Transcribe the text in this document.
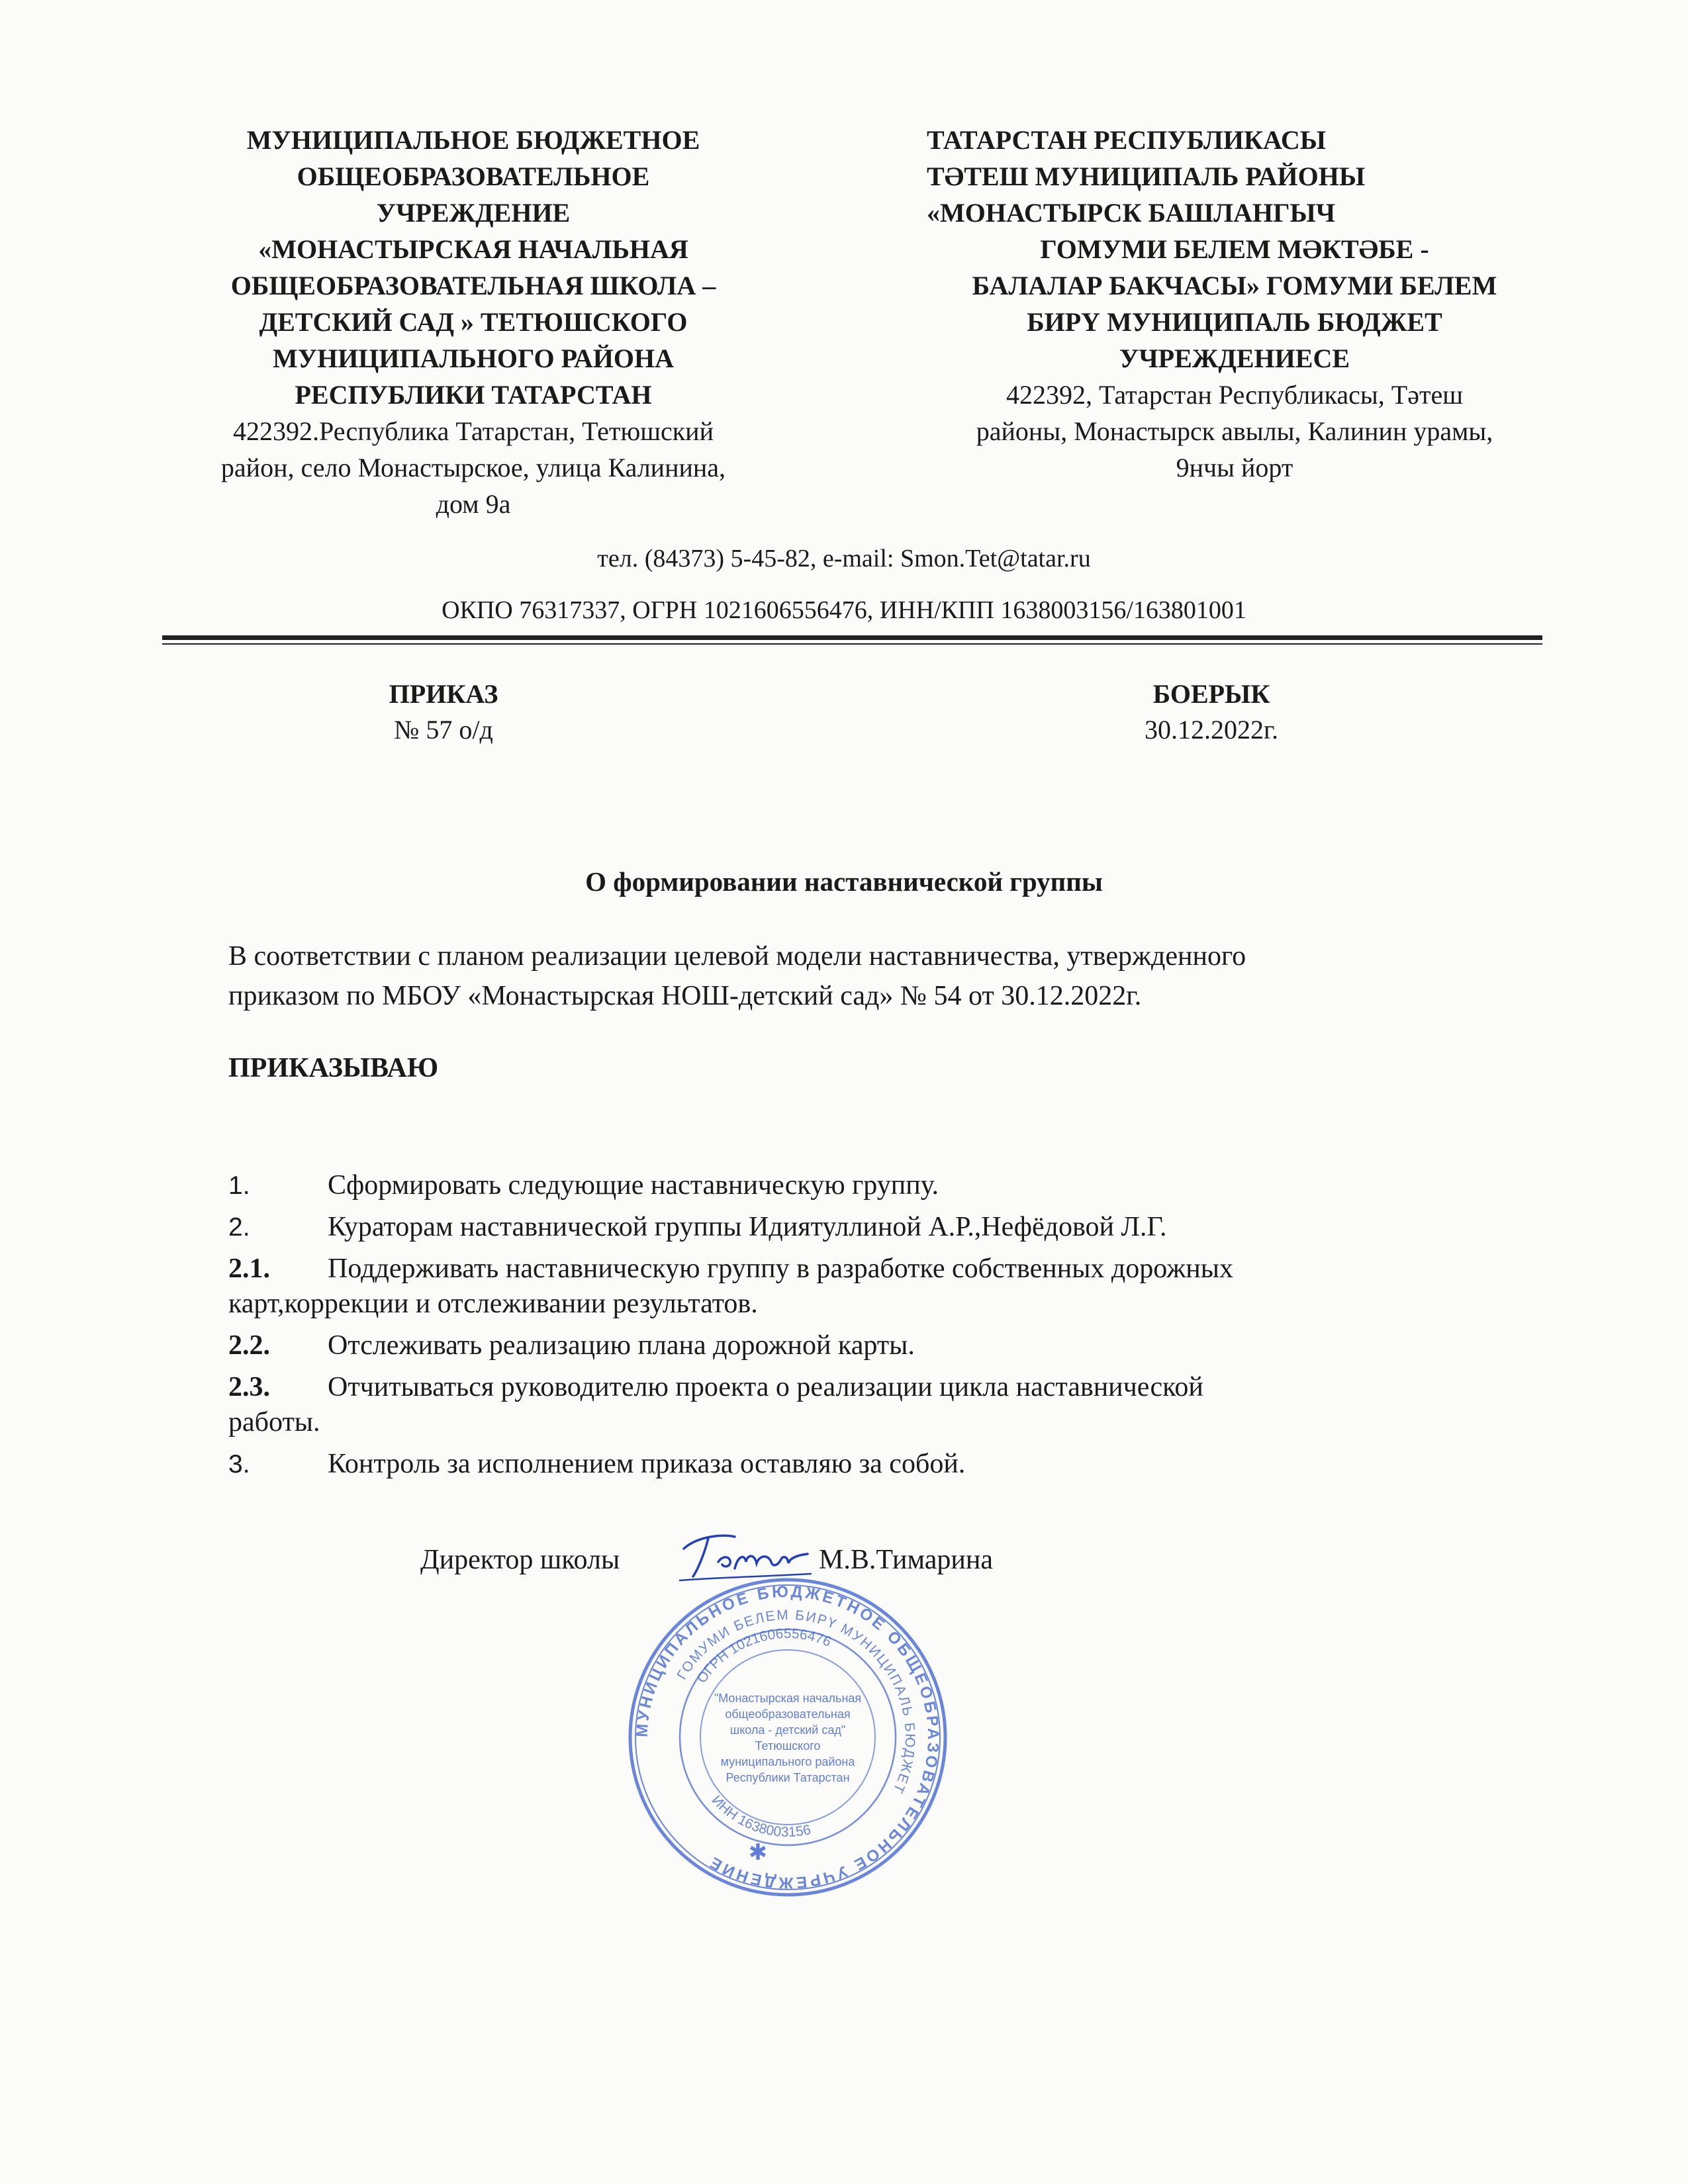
МУНИЦИПАЛЬНОЕ БЮДЖЕТНОЕ
ОБЩЕОБРАЗОВАТЕЛЬНОЕ
УЧРЕЖДЕНИЕ
«МОНАСТЫРСКАЯ НАЧАЛЬНАЯ
ОБЩЕОБРАЗОВАТЕЛЬНАЯ ШКОЛА –
ДЕТСКИЙ САД » ТЕТЮШСКОГО
МУНИЦИПАЛЬНОГО РАЙОНА
РЕСПУБЛИКИ ТАТАРСТАН
422392.Республика Татарстан, Тетюшский
район, село Монастырское, улица Калинина,
дом 9а
ТАТАРСТАН РЕСПУБЛИКАСЫ
ТӘТЕШ МУНИЦИПАЛЬ РАЙОНЫ
«МОНАСТЫРСК БАШЛАНГЫЧ
ГОМУМИ БЕЛЕМ МӘКТӘБЕ -
БАЛАЛАР БАКЧАСЫ» ГОМУМИ БЕЛЕМ
БИРҮ МУНИЦИПАЛЬ БЮДЖЕТ
УЧРЕЖДЕНИЕСЕ
422392, Татарстан Республикасы, Тәтеш
районы, Монастырск авылы, Калинин урамы,
9нчы йорт
тел. (84373) 5-45-82, e-mail: Smon.Tet@tatar.ru
ОКПО 76317337, ОГРН 1021606556476, ИНН/КПП 1638003156/163801001
ПРИКАЗ
№ 57 о/д
БОЕРЫК
30.12.2022г.
О формировании наставнической группы
В соответствии с планом реализации целевой модели наставничества, утвержденного
приказом по МБОУ «Монастырская НОШ-детский сад» № 54 от 30.12.2022г.
ПРИКАЗЫВАЮ
1.	Сформировать следующие наставническую группу.
2.	Кураторам наставнической группы Идиятуллиной А.Р.,Нефёдовой Л.Г.
2.1. Поддерживать наставническую группу в разработке собственных дорожных
карт,коррекции и отслеживании результатов.
2.2. Отслеживать реализацию плана дорожной карты.
2.3. Отчитываться руководителю проекта о реализации цикла наставнической
работы.
3.	Контроль за исполнением приказа оставляю за собой.
Директор школы	М.В.Тимарина
МУНИЦИПАЛЬНОЕ БЮДЖЕТНОЕ ОБЩЕОБРАЗОВАТЕЛЬНОЕ УЧРЕЖДЕНИЕ
ГОМУМИ БЕЛЕМ БИРҮ МУНИЦИПАЛЬ БЮДЖЕТ
ОГРН 1021606556476
ИНН 1638003156
"Монастырская начальная
общеобразовательная
школа - детский сад"
Тетюшского
муниципального района
Республики Татарстан
✱
